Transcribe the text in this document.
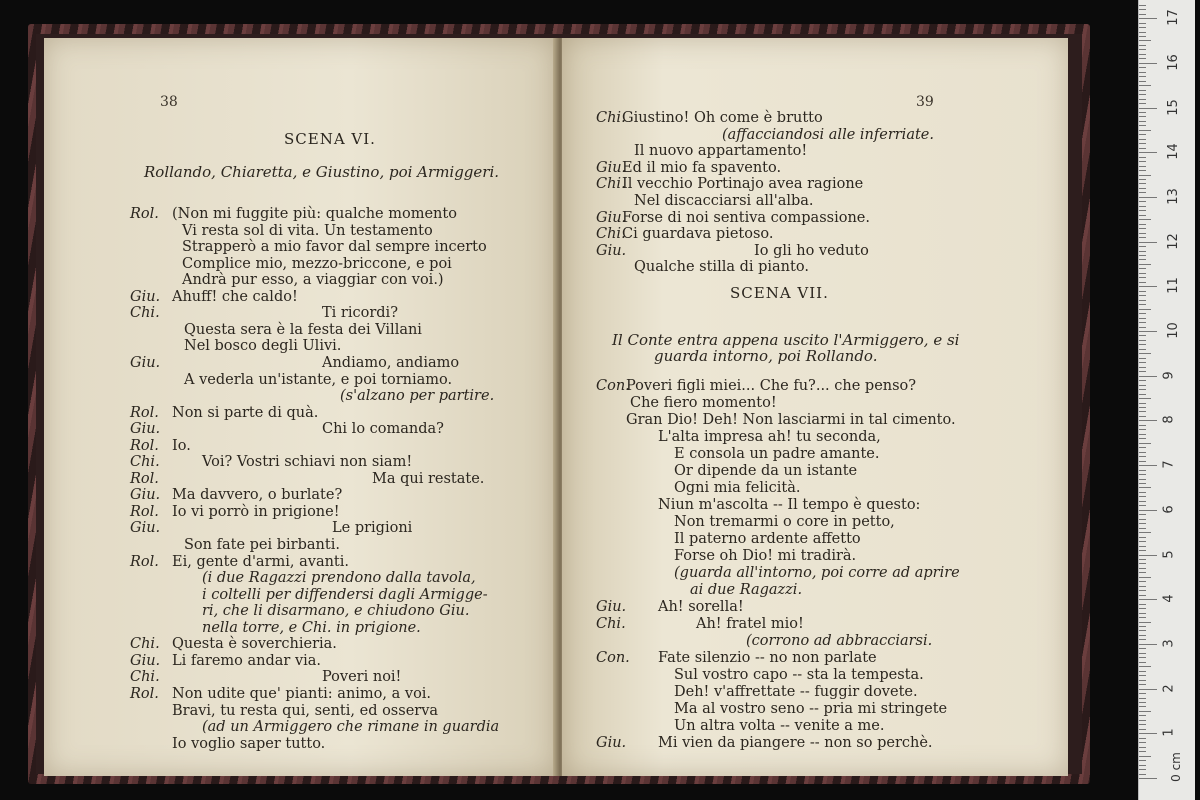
38
SCENA VI.
Rollando, Chiaretta, e Giustino, poi Armiggeri.
Rol. (Non mi fuggite più: qualche momento
Vi resta sol di vita. Un testamento
Strapperò a mio favor dal sempre incerto
Complice mio, mezzo-briccone, e poi
Andrà pur esso, a viaggiar con voi.)
Giu. Ahuff! che caldo!
Chi.	Ti ricordi?
Questa sera è la festa dei Villani
Nel bosco degli Ulivi.
Giu.	Andiamo, andiamo
A vederla un'istante, e poi torniamo.
(s'alzano per partire.
Rol. Non si parte di quà.
Giu.	Chi lo comanda?
Rol. Io.
Chi.	Voi? Vostri schiavi non siam!
Rol.	Ma qui restate.
Giu. Ma davvero, o burlate?
Rol. Io vi porrò in prigione!
Giu.	Le prigioni
Son fate pei birbanti.
Rol. Ei, gente d'armi, avanti.
(i due Ragazzi prendono dalla tavola,
i coltelli per diffendersi dagli Armigge-
ri, che li disarmano, e chiudono Giu.
nella torre, e Chi. in prigione.
Chi. Questa è soverchieria.
Giu. Li faremo andar via.
Chi.	Poveri noi!
Rol. Non udite que' pianti: animo, a voi.
Bravi, tu resta qui, senti, ed osserva
(ad un Armiggero che rimane in guardia
Io voglio saper tutto.
39
SCENA VII.
Il Conte entra appena uscito l'Armiggero, e si
guarda intorno, poi Rollando.
Chi.
Giustino! Oh come è brutto
(affacciandosi alle inferriate.
Il nuovo appartamento!
Giu.
Ed il mio fa spavento.
Chi.
Il vecchio Portinajo avea ragione
Nel discacciarsi all'alba.
Giu.
Forse di noi sentiva compassione.
Chi.
Ci guardava pietoso.
Giu.	Io gli ho veduto
Qualche stilla di pianto.
Con.
Poveri figli miei... Che fu?... che penso?
Che fiero momento!
Gran Dio! Deh! Non lasciarmi in tal cimento.
L'alta impresa ah! tu seconda,
E consola un padre amante.
Or dipende da un istante
Ogni mia felicità.
Niun m'ascolta -- Il tempo è questo:
Non tremarmi o core in petto,
Il paterno ardente affetto
Forse oh Dio! mi tradirà.
(guarda all'intorno, poi corre ad aprire
ai due Ragazzi.
Giu. Ah! sorella!
Chi.	Ah! fratel mio!
(corrono ad abbracciarsi.
Con. Fate silenzio -- no non parlate
Sul vostro capo -- sta la tempesta.
Deh! v'affrettate -- fuggir dovete.
Ma al vostro seno -- pria mi stringete
Un altra volta -- venite a me.
Giu. Mi vien da piangere -- non so perchè.
0 cm
1
2
3
4
5
6
7
8
9
10
11
12
13
14
15
16
17
